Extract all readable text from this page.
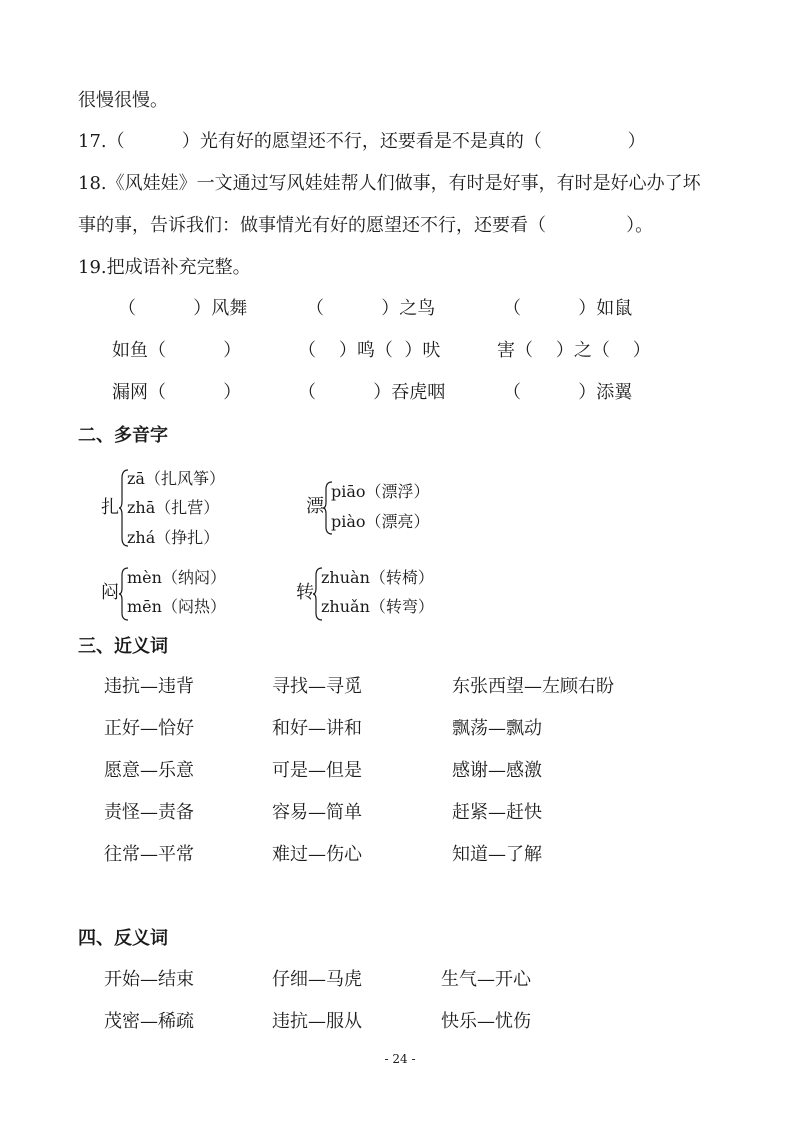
很慢很慢。
17.（          ）光有好的愿望还不行，还要看是不是真的（               ）
18.《风娃娃》一文通过写风娃娃帮人们做事，有时是好事，有时是好心办了坏
事的事，告诉我们：做事情光有好的愿望还不行，还要看（              ）。
19.把成语补充完整。
（          ）风舞	（          ）之鸟	（          ）如鼠
如鱼（          ）	（    ）鸣（  ）吠	害（    ）之（    ）
漏网（          ）	（          ）吞虎咽	（          ）添翼
二、多音字
扎
zā（扎风筝）
zhā（扎营）
zhá（挣扎）
漂
piāo（漂浮）
piào（漂亮）
闷
mèn（纳闷）
mēn（闷热）
转
zhuàn（转椅）
zhuǎn（转弯）
三、近义词
违抗—违背	寻找—寻觅	东张西望—左顾右盼
正好—恰好	和好—讲和	飘荡—飘动
愿意—乐意	可是—但是	感谢—感激
责怪—责备	容易—简单	赶紧—赶快
往常—平常	难过—伤心	知道—了解
四、反义词
开始—结束	仔细—马虎	生气—开心
茂密—稀疏	违抗—服从	快乐—忧伤
- 24 -
